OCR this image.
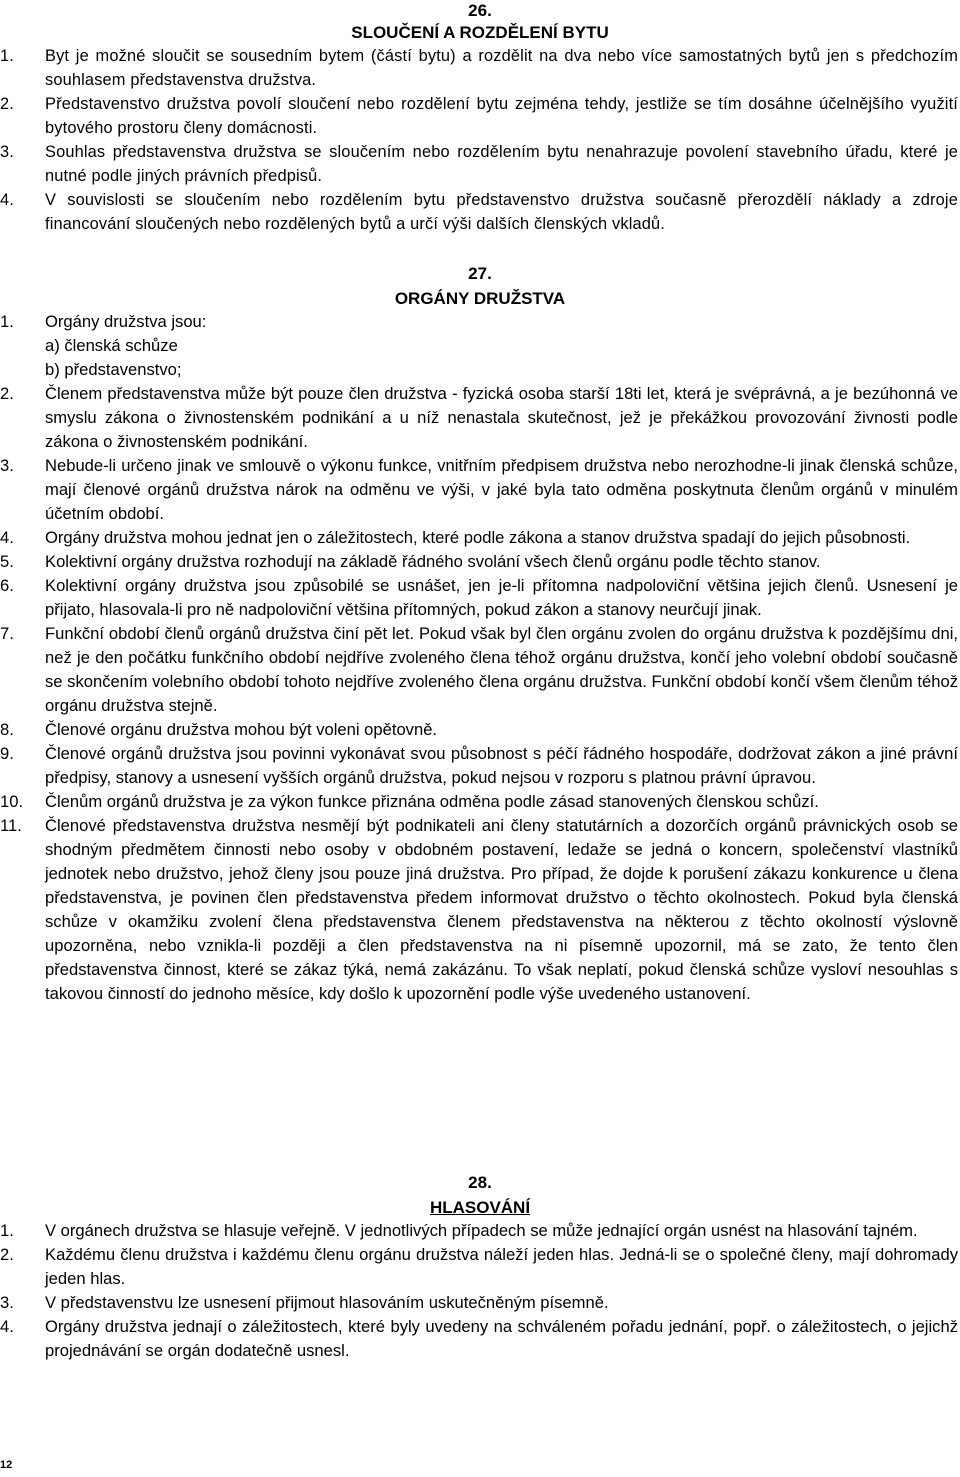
26.
SLOUČENÍ A ROZDĚLENÍ BYTU
1.	Byt je možné sloučit se sousedním bytem (částí bytu) a rozdělit na dva nebo více samostatných bytů jen s předchozím souhlasem představenstva družstva.
2.	Představenstvo družstva povolí sloučení nebo rozdělení bytu zejména tehdy, jestliže se tím dosáhne účelnějšího využití bytového prostoru členy domácnosti.
3.	Souhlas představenstva družstva se sloučením nebo rozdělením bytu nenahrazuje povolení stavebního úřadu, které je nutné podle jiných právních předpisů.
4.	V souvislosti se sloučením nebo rozdělením bytu představenstvo družstva současně přerozdělí náklady a zdroje financování sloučených nebo rozdělených bytů a určí výši dalších členských vkladů.
27.
ORGÁNY DRUŽSTVA
1.	Orgány družstva jsou:
a) členská schůze
b) představenstvo;
2.	Členem představenstva může být pouze člen družstva - fyzická osoba starší 18ti let, která je svéprávná, a je bezúhonná ve smyslu zákona o živnostenském podnikání a u níž nenastala skutečnost, jež je překážkou provozování živnosti podle zákona o živnostenském podnikání.
3.	Nebude-li určeno jinak ve smlouvě o výkonu funkce, vnitřním předpisem družstva nebo nerozhodne-li jinak členská schůze, mají členové orgánů družstva nárok na odměnu ve výši, v jaké byla tato odměna poskytnuta členům orgánů v minulém účetním období.
4.	Orgány družstva mohou jednat jen o záležitostech, které podle zákona a stanov družstva spadají do jejich působnosti.
5.	Kolektivní orgány družstva rozhodují na základě řádného svolání všech členů orgánu podle těchto stanov.
6.	Kolektivní orgány družstva jsou způsobilé se usnášet, jen je-li přítomna nadpoloviční většina jejich členů. Usnesení je přijato, hlasovala-li pro ně nadpoloviční většina přítomných, pokud zákon a stanovy neurčují jinak.
7.	Funkční období členů orgánů družstva činí pět let. Pokud však byl člen orgánu zvolen do orgánu družstva k pozdějšímu dni, než je den počátku funkčního období nejdříve zvoleného člena téhož orgánu družstva, končí jeho volební období současně se skončením volebního období tohoto nejdříve zvoleného člena orgánu družstva. Funkční období končí všem členům téhož orgánu družstva stejně.
8.	Členové orgánu družstva mohou být voleni opětovně.
9.	Členové orgánů družstva jsou povinni vykonávat svou působnost s péčí řádného hospodáře, dodržovat zákon a jiné právní předpisy, stanovy a usnesení vyšších orgánů družstva, pokud nejsou v rozporu s platnou právní úpravou.
10.	Členům orgánů družstva je za výkon funkce přiznána odměna podle zásad stanovených členskou schůzí.
11.	Členové představenstva družstva nesmějí být podnikateli ani členy statutárních a dozorčích orgánů právnických osob se shodným předmětem činnosti nebo osoby v obdobném postavení, ledaže se jedná o koncern, společenství vlastníků jednotek nebo družstvo, jehož členy jsou pouze jiná družstva. Pro případ, že dojde k porušení zákazu konkurence u člena představenstva, je povinen člen představenstva předem informovat družstvo o těchto okolnostech. Pokud byla členská schůze v okamžiku zvolení člena představenstva členem představenstva na některou z těchto okolností výslovně upozorněna, nebo vznikla-li později a člen představenstva na ni písemně upozornil, má se zato, že tento člen představenstva činnost, které se zákaz týká, nemá zakázánu. To však neplatí, pokud členská schůze vysloví nesouhlas s takovou činností do jednoho měsíce, kdy došlo k upozornění podle výše uvedeného ustanovení.
28.
HLASOVÁNÍ
1.	V orgánech družstva se hlasuje veřejně. V jednotlivých případech se může jednající orgán usnést na hlasování tajném.
2.	Každému členu družstva i každému členu orgánu družstva náleží jeden hlas. Jedná-li se o společné členy, mají dohromady jeden hlas.
3.	V představenstvu lze usnesení přijmout hlasováním uskutečněným písemně.
4.	Orgány družstva jednají o záležitostech, které byly uvedeny na schváleném pořadu jednání, popř. o záležitostech, o jejichž projednávání se orgán dodatečně usnesl.
12
